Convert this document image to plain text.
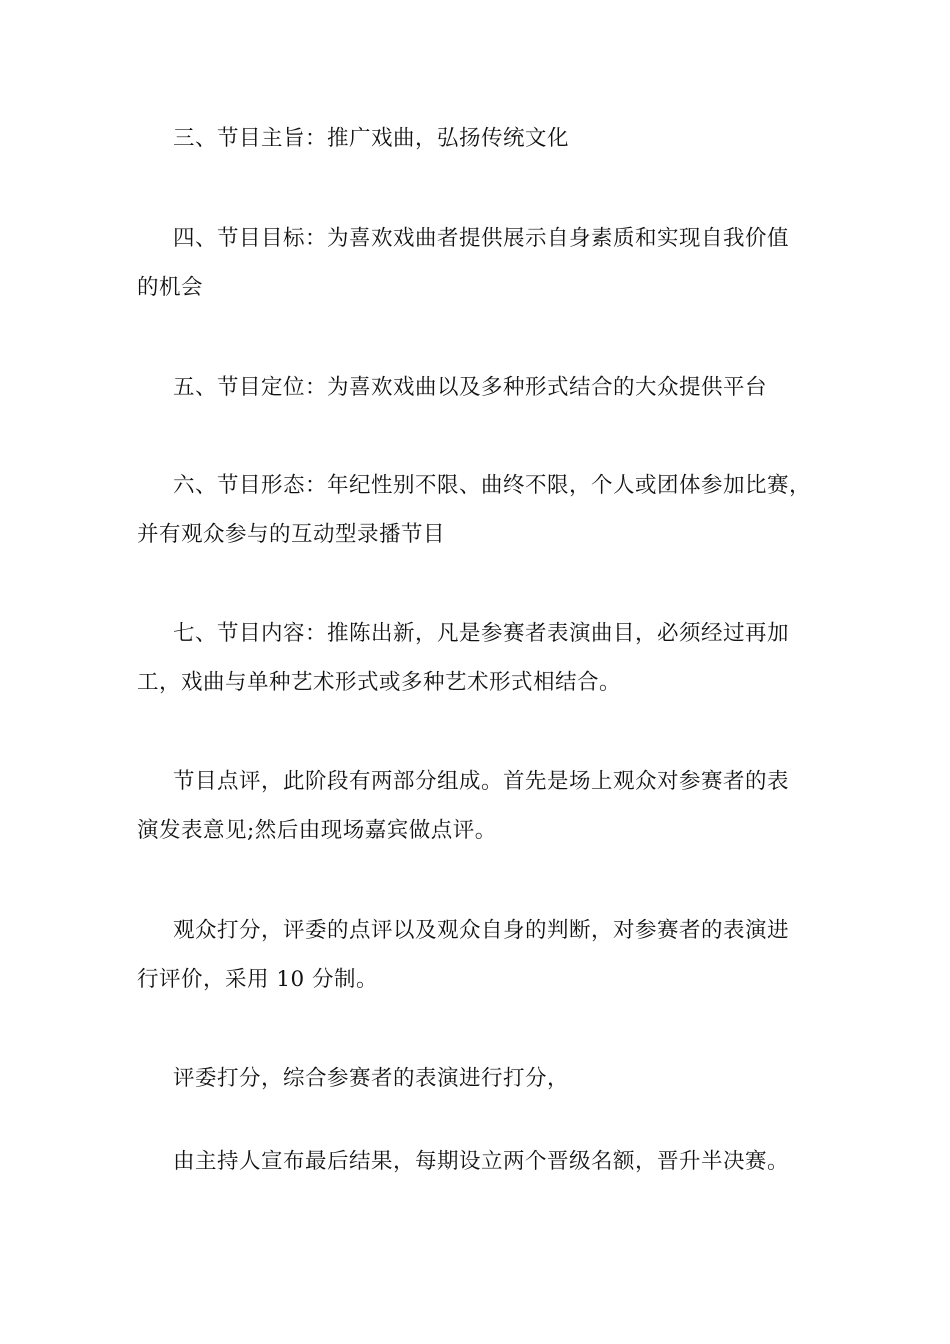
三、节目主旨：推广戏曲，弘扬传统文化

四、节目目标：为喜欢戏曲者提供展示自身素质和实现自我价值
的机会

五、节目定位：为喜欢戏曲以及多种形式结合的大众提供平台

六、节目形态：年纪性别不限、曲终不限，个人或团体参加比赛，
并有观众参与的互动型录播节目

七、节目内容：推陈出新，凡是参赛者表演曲目，必须经过再加
工，戏曲与单种艺术形式或多种艺术形式相结合。

节目点评，此阶段有两部分组成。首先是场上观众对参赛者的表
演发表意见;然后由现场嘉宾做点评。

观众打分，评委的点评以及观众自身的判断，对参赛者的表演进
行评价，采用 10 分制。

评委打分，综合参赛者的表演进行打分，

由主持人宣布最后结果，每期设立两个晋级名额，晋升半决赛。
